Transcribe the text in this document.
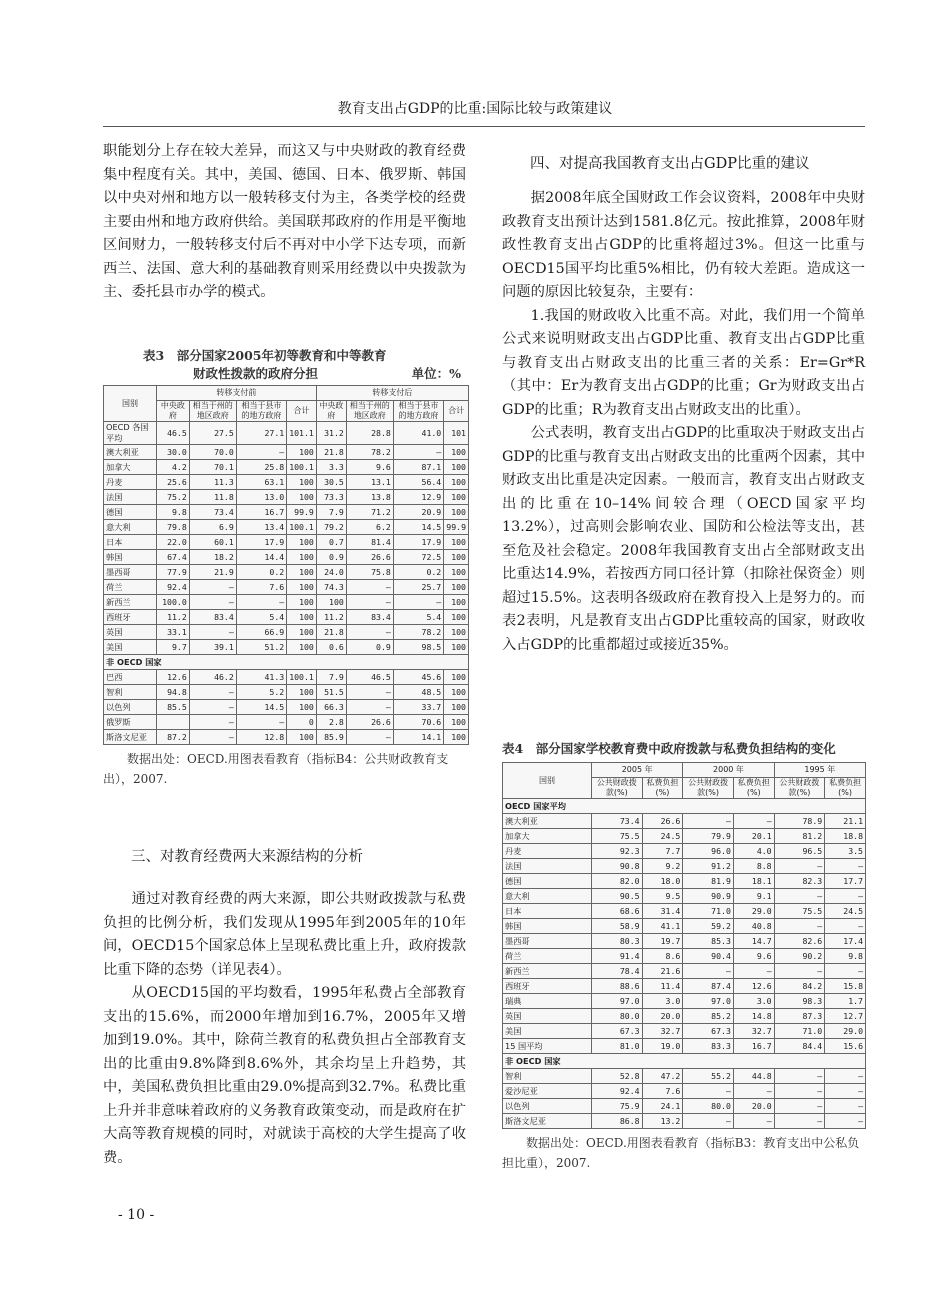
教育支出占GDP的比重:国际比较与政策建议

职能划分上存在较大差异，而这又与中央财政的教育经费集中程度有关。其中，美国、德国、日本、俄罗斯、韩国以中央对州和地方以一般转移支付为主，各类学校的经费主要由州和地方政府供给。美国联邦政府的作用是平衡地区间财力，一般转移支付后不再对中小学下达专项，而新西兰、法国、意大利的基础教育则采用经费以中央拨款为主、委托县市办学的模式。

表3　部分国家2005年初等教育和中等教育
财政性拨款的政府分担	单位：%
国别	转移支付前				转移支付后			
	中央政府	相当于州的地区政府	相当于县市的地方政府	合计	中央政府	相当于州的地区政府	相当于县市的地方政府	合计
OECD 各国平均	46.5	27.5	27.1	101.1	31.2	28.8	41.0	101
澳大利亚	30.0	70.0	–	100	21.8	78.2	–	100
加拿大	4.2	70.1	25.8	100.1	3.3	9.6	87.1	100
丹麦	25.6	11.3	63.1	100	30.5	13.1	56.4	100
法国	75.2	11.8	13.0	100	73.3	13.8	12.9	100
德国	9.8	73.4	16.7	99.9	7.9	71.2	20.9	100
意大利	79.8	6.9	13.4	100.1	79.2	6.2	14.5	99.9
日本	22.0	60.1	17.9	100	0.7	81.4	17.9	100
韩国	67.4	18.2	14.4	100	0.9	26.6	72.5	100
墨西哥	77.9	21.9	0.2	100	24.0	75.8	0.2	100
荷兰	92.4	–	7.6	100	74.3	–	25.7	100
新西兰	100.0	–	–	100	100	–	–	100
西班牙	11.2	83.4	5.4	100	11.2	83.4	5.4	100
英国	33.1	–	66.9	100	21.8	–	78.2	100
美国	9.7	39.1	51.2	100	0.6	0.9	98.5	100
非 OECD 国家								
巴西	12.6	46.2	41.3	100.1	7.9	46.5	45.6	100
智利	94.8	–	5.2	100	51.5	–	48.5	100
以色列	85.5	–	14.5	100	66.3	–	33.7	100
俄罗斯		–	–	0	2.8	26.6	70.6	100
斯洛文尼亚	87.2	–	12.8	100	85.9	–	14.1	100
数据出处：OECD.用图表看教育（指标B4：公共财政教育支出），2007.
三、对教育经费两大来源结构的分析

通过对教育经费的两大来源，即公共财政拨款与私费负担的比例分析，我们发现从1995年到2005年的10年间，OECD15个国家总体上呈现私费比重上升，政府拨款比重下降的态势（详见表4）。

从OECD15国的平均数看，1995年私费占全部教育支出的15.6%，而2000年增加到16.7%，2005年又增加到19.0%。其中，除荷兰教育的私费负担占全部教育支出的比重由9.8%降到8.6%外，其余均呈上升趋势，其中，美国私费负担比重由29.0%提高到32.7%。私费比重上升并非意味着政府的义务教育政策变动，而是政府在扩大高等教育规模的同时，对就读于高校的大学生提高了收费。

四、对提高我国教育支出占GDP比重的建议

据2008年底全国财政工作会议资料，2008年中央财政教育支出预计达到1581.8亿元。按此推算，2008年财政性教育支出占GDP的比重将超过3%。但这一比重与OECD15国平均比重5%相比，仍有较大差距。造成这一问题的原因比较复杂，主要有：

1.我国的财政收入比重不高。对此，我们用一个简单公式来说明财政支出占GDP比重、教育支出占GDP比重与教育支出占财政支出的比重三者的关系：Er=Gr*R（其中：Er为教育支出占GDP的比重；Gr为财政支出占GDP的比重；R为教育支出占财政支出的比重）。

公式表明，教育支出占GDP的比重取决于财政支出占GDP的比重与教育支出占财政支出的比重两个因素，其中财政支出比重是决定因素。一般而言，教育支出占财政支出的比重在10–14%间较合理（OECD国家平均13.2%），过高则会影响农业、国防和公检法等支出，甚至危及社会稳定。2008年我国教育支出占全部财政支出比重达14.9%，若按西方同口径计算（扣除社保资金）则超过15.5%。这表明各级政府在教育投入上是努力的。而表2表明，凡是教育支出占GDP比重较高的国家，财政收入占GDP的比重都超过或接近35%。

表4　部分国家学校教育费中政府拨款与私费负担结构的变化
国别	2005 年		2000 年		1995 年	
	公共财政拨款(%)	私费负担(%)	公共财政拨款(%)	私费负担(%)	公共财政拨款(%)	私费负担(%)
OECD 国家平均						
澳大利亚	73.4	26.6	–	–	78.9	21.1
加拿大	75.5	24.5	79.9	20.1	81.2	18.8
丹麦	92.3	7.7	96.0	4.0	96.5	3.5
法国	90.8	9.2	91.2	8.8	–	–
德国	82.0	18.0	81.9	18.1	82.3	17.7
意大利	90.5	9.5	90.9	9.1	–	–
日本	68.6	31.4	71.0	29.0	75.5	24.5
韩国	58.9	41.1	59.2	40.8	–	–
墨西哥	80.3	19.7	85.3	14.7	82.6	17.4
荷兰	91.4	8.6	90.4	9.6	90.2	9.8
新西兰	78.4	21.6	–	–	–	–
西班牙	88.6	11.4	87.4	12.6	84.2	15.8
瑞典	97.0	3.0	97.0	3.0	98.3	1.7
英国	80.0	20.0	85.2	14.8	87.3	12.7
美国	67.3	32.7	67.3	32.7	71.0	29.0
15 国平均	81.0	19.0	83.3	16.7	84.4	15.6
非 OECD 国家						
智利	52.8	47.2	55.2	44.8	–	–
爱沙尼亚	92.4	7.6	–	–	–	–
以色列	75.9	24.1	80.0	20.0	–	–
斯洛文尼亚	86.8	13.2	–	–	–	–
数据出处：OECD.用图表看教育（指标B3：教育支出中公私负担比重），2007.
- 10 -
